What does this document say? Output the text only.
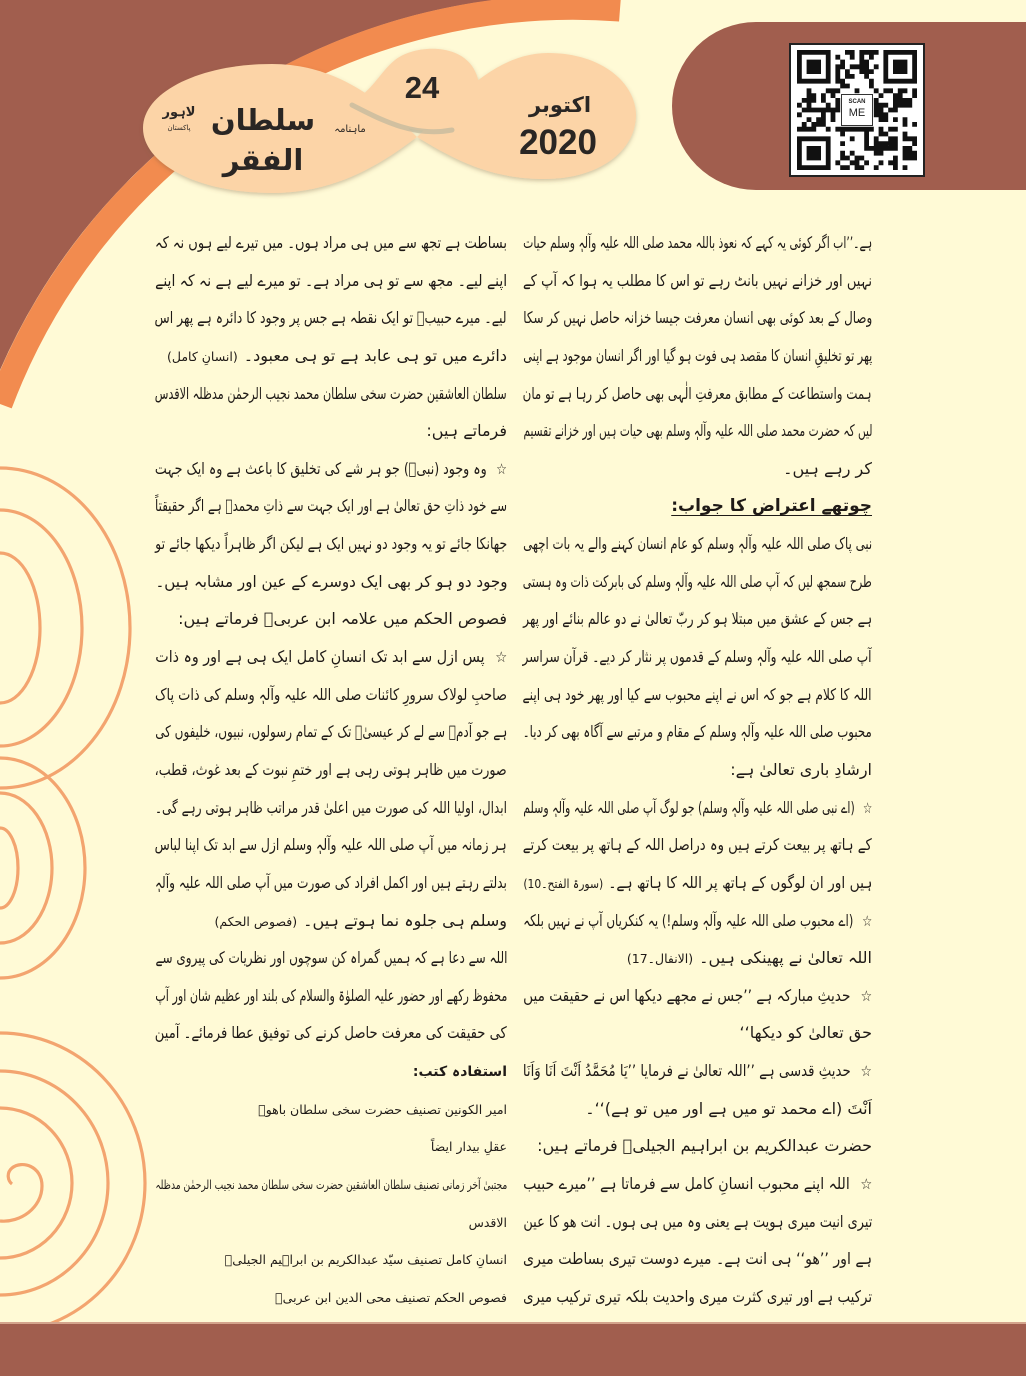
سلطان الفقر
ماہنامہ
لاہور
پاکستان
24	اکتوبر
2020
SCAN
ME
ہے۔’’اب اگر کوئی یہ کہے کہ نعوذ باللہ محمد صلی اللہ علیہ وآلہٖ وسلم حیات
نہیں اور خزانے نہیں بانٹ رہے تو اس کا مطلب یہ ہوا کہ آپ کے
وصال کے بعد کوئی بھی انسان معرفت جیسا خزانہ حاصل نہیں کر سکا
پھر تو تخلیقِ انسان کا مقصد ہی فوت ہو گیا اور اگر انسان موجود ہے اپنی
ہمت واستطاعت کے مطابق معرفتِ الٰہی بھی حاصل کر رہا ہے تو مان
لیں کہ حضرت محمد صلی اللہ علیہ وآلہٖ وسلم بھی حیات ہیں اور خزانے تقسیم
کر رہے ہیں۔
چوتھے اعتراض کا جواب:
نبی پاک صلی اللہ علیہ وآلہٖ وسلم کو عام انسان کہنے والے یہ بات اچھی
طرح سمجھ لیں کہ آپ صلی اللہ علیہ وآلہٖ وسلم کی بابرکت ذات وہ ہستی
ہے جس کے عشق میں مبتلا ہو کر ربّ تعالیٰ نے دو عالم بنائے اور پھر
آپ صلی اللہ علیہ وآلہٖ وسلم کے قدموں پر نثار کر دیے۔ قرآن سراسر
اللہ کا کلام ہے جو کہ اس نے اپنے محبوب سے کیا اور پھر خود ہی اپنے
محبوب صلی اللہ علیہ وآلہٖ وسلم کے مقام و مرتبے سے آگاہ بھی کر دیا۔
ارشادِ باری تعالیٰ ہے:
☆ (اے نبی صلی اللہ علیہ وآلہٖ وسلم) جو لوگ آپ صلی اللہ علیہ وآلہٖ وسلم
کے ہاتھ پر بیعت کرتے ہیں وہ دراصل اللہ کے ہاتھ پر بیعت کرتے
ہیں اور ان لوگوں کے ہاتھ پر اللہ کا ہاتھ ہے۔(سورۃ الفتح۔10)
☆ (اے محبوب صلی اللہ علیہ وآلہٖ وسلم!) یہ کنکریاں آپ نے نہیں بلکہ
اللہ تعالیٰ نے پھینکی ہیں۔(الانفال۔17)
☆ حدیثِ مبارکہ ہے ’’جس نے مجھے دیکھا اس نے حقیقت میں
حق تعالیٰ کو دیکھا‘‘
☆ حدیثِ قدسی ہے ’’اللہ تعالیٰ نے فرمایا ’’یَا مُحَمَّدُ اَنْتَ اَنَا وَاَنَا
اَنْتَ (اے محمد تو میں ہے اور میں تو ہے)‘‘۔
حضرت عبدالکریم بن ابراہیم الجیلیؒ فرماتے ہیں:
☆ اللہ اپنے محبوب انسانِ کامل سے فرماتا ہے ’’میرے حبیب
تیری انیت میری ہویت ہے یعنی وہ میں ہی ہوں۔ انت ھو کا عین
ہے اور ’’ھو‘‘ ہی انت ہے۔ میرے دوست تیری بساطت میری
ترکیب ہے اور تیری کثرت میری واحدیت بلکہ تیری ترکیب میری
بساطت ہے تجھ سے میں ہی مراد ہوں۔ میں تیرے لیے ہوں نہ کہ
اپنے لیے۔ مجھ سے تو ہی مراد ہے۔ تو میرے لیے ہے نہ کہ اپنے
لیے۔ میرے حبیبؐ تو ایک نقطہ ہے جس پر وجود کا دائرہ ہے پھر اس
دائرے میں تو ہی عابد ہے تو ہی معبود۔(انسانِ کامل)
سلطان العاشقین حضرت سخی سلطان محمد نجیب الرحمٰن مدظلہ الاقدس
فرماتے ہیں:
☆ وہ وجود (نبیؐ) جو ہر شے کی تخلیق کا باعث ہے وہ ایک جہت
سے خود ذاتِ حق تعالیٰ ہے اور ایک جہت سے ذاتِ محمدؐ ہے اگر حقیقتاً
جھانکا جائے تو یہ وجود دو نہیں ایک ہے لیکن اگر ظاہراً دیکھا جائے تو
وجود دو ہو کر بھی ایک دوسرے کے عین اور مشابہ ہیں۔
فصوص الحکم میں علامہ ابن عربیؒ فرماتے ہیں:
☆ پس ازل سے ابد تک انسانِ کامل ایک ہی ہے اور وہ ذات
صاحبِ لولاک سرورِ کائنات صلی اللہ علیہ وآلہٖ وسلم کی ذات پاک
ہے جو آدمؑ سے لے کر عیسیٰؑ تک کے تمام رسولوں، نبیوں، خلیفوں کی
صورت میں ظاہر ہوتی رہی ہے اور ختمِ نبوت کے بعد غوث، قطب،
ابدال، اولیا اللہ کی صورت میں اعلیٰ قدر مراتب ظاہر ہوتی رہے گی۔
ہر زمانہ میں آپ صلی اللہ علیہ وآلہٖ وسلم ازل سے ابد تک اپنا لباس
بدلتے رہتے ہیں اور اکمل افراد کی صورت میں آپ صلی اللہ علیہ وآلہٖ
وسلم ہی جلوہ نما ہوتے ہیں۔(فصوص الحکم)
اللہ سے دعا ہے کہ ہمیں گمراہ کن سوچوں اور نظریات کی پیروی سے
محفوظ رکھے اور حضور علیہ الصلوٰۃ والسلام کی بلند اور عظیم شان اور آپ
کی حقیقت کی معرفت حاصل کرنے کی توفیق عطا فرمائے۔ آمین
استفادہ کتب:
امیر الکونین تصنیف حضرت سخی سلطان باھوؒ
عقلِ بیدار ایضاً
مجتبیٰ آخر زمانی تصنیف سلطان العاشقین حضرت سخی سلطان محمد نجیب الرحمٰن مدظلہ
الاقدس
انسانِ کامل تصنیف سیّد عبدالکریم بن ابراہیم الجیلیؒ
فصوص الحکم تصنیف محی الدین ابن عربیؒ
